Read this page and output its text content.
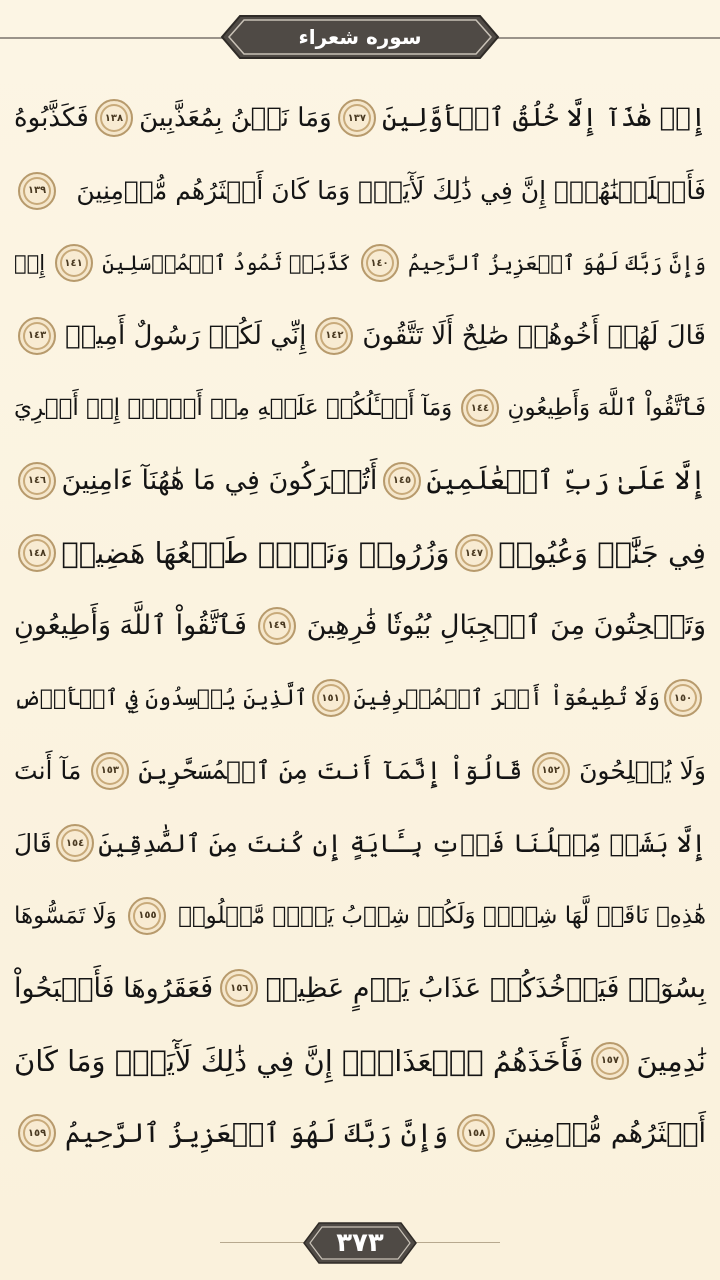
سوره شعراء
إِنۡ هَٰذَآ إِلَّا خُلُقُ ٱلۡأَوَّلِينَ
١٣٧
وَمَا نَحۡنُ بِمُعَذَّبِينَ
١٣٨
فَكَذَّبُوهُ
فَأَهۡلَكۡنَٰهُمۡۚ إِنَّ فِي ذَٰلِكَ لَأٓيَةٗۖ وَمَا كَانَ أَكۡثَرُهُم مُّؤۡمِنِينَ
١٣٩
وَإِنَّ رَبَّكَ لَهُوَ ٱلۡعَزِيزُ ٱلرَّحِيمُ
١٤٠
كَذَّبَتۡ ثَمُودُ ٱلۡمُرۡسَلِينَ
١٤١
إِذۡ
قَالَ لَهُمۡ أَخُوهُمۡ صَٰلِحٌ أَلَا تَتَّقُونَ
١٤٢
إِنِّي لَكُمۡ رَسُولٌ أَمِينٞ
١٤٣
فَٱتَّقُواْ ٱللَّهَ وَأَطِيعُونِ
١٤٤
وَمَآ أَسۡـَٔلُكُمۡ عَلَيۡهِ مِنۡ أَجۡرٍۖ إِنۡ أَجۡرِيَ
إِلَّا عَلَىٰ رَبِّ ٱلۡعَٰلَمِينَ
١٤٥
أَتُتۡرَكُونَ فِي مَا هَٰهُنَآ ءَامِنِينَ
١٤٦
فِي جَنَّٰتٖ وَعُيُونٖ
١٤٧
وَزُرُوعٖ وَنَخۡلٖ طَلۡعُهَا هَضِيمٞ
١٤٨
وَتَنۡحِتُونَ مِنَ ٱلۡجِبَالِ بُيُوتٗا فَٰرِهِينَ
١٤٩
فَٱتَّقُواْ ٱللَّهَ وَأَطِيعُونِ
١٥٠
وَلَا تُطِيعُوٓاْ أَمۡرَ ٱلۡمُسۡرِفِينَ
١٥١
ٱلَّذِينَ يُفۡسِدُونَ فِي ٱلۡأَرۡضِ
وَلَا يُصۡلِحُونَ
١٥٢
قَالُوٓاْ إِنَّمَآ أَنتَ مِنَ ٱلۡمُسَحَّرِينَ
١٥٣
مَآ أَنتَ
إِلَّا بَشَرٞ مِّثۡلُنَا فَأۡتِ بِـَٔايَةٍ إِن كُنتَ مِنَ ٱلصَّٰدِقِينَ
١٥٤
قَالَ
هَٰذِهِۦ نَاقَةٞ لَّهَا شِرۡبٞ وَلَكُمۡ شِرۡبُ يَوۡمٖ مَّعۡلُومٖ
١٥٥
وَلَا تَمَسُّوهَا
بِسُوٓءٖ فَيَأۡخُذَكُمۡ عَذَابُ يَوۡمٍ عَظِيمٖ
١٥٦
فَعَقَرُوهَا فَأَصۡبَحُواْ
نَٰدِمِينَ
١٥٧
فَأَخَذَهُمُ ٱلۡعَذَابُۚ إِنَّ فِي ذَٰلِكَ لَأٓيَةٗۖ وَمَا كَانَ
أَكۡثَرُهُم مُّؤۡمِنِينَ
١٥٨
وَإِنَّ رَبَّكَ لَهُوَ ٱلۡعَزِيزُ ٱلرَّحِيمُ
١٥٩
٣٧٣
